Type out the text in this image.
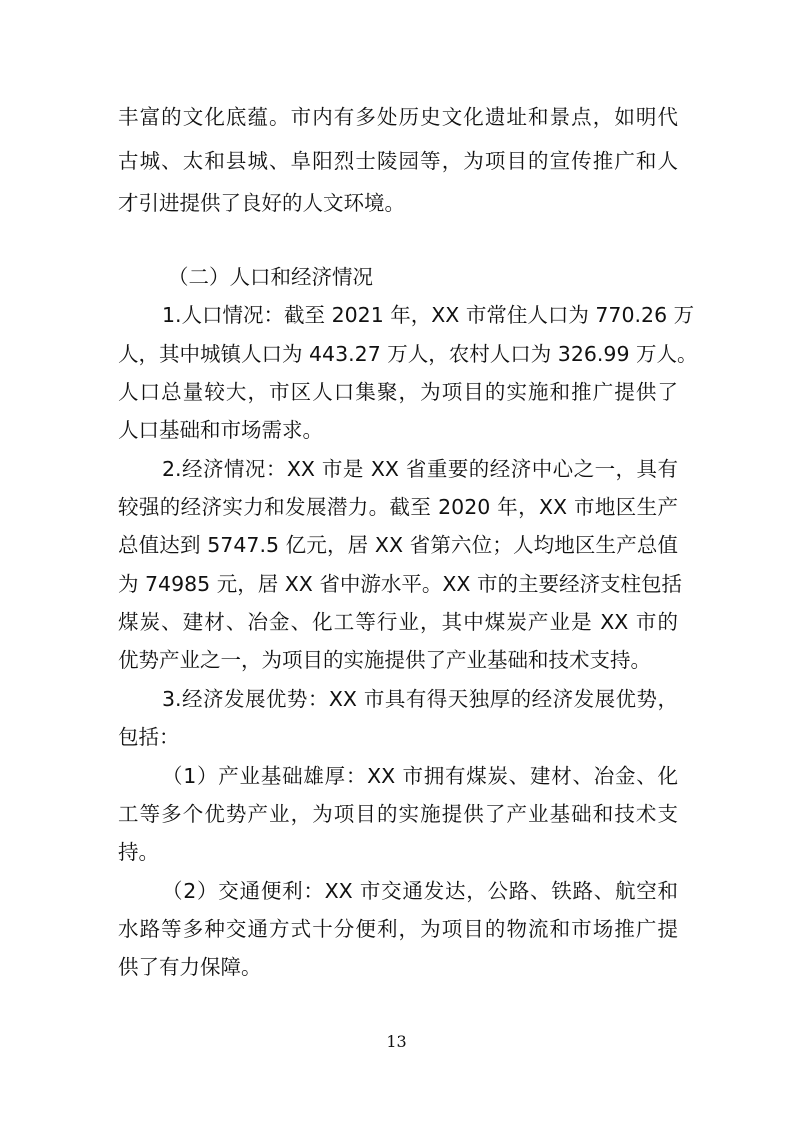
丰富的文化底蕴。市内有多处历史文化遗址和景点，如明代
古城、太和县城、阜阳烈士陵园等，为项目的宣传推广和人
才引进提供了良好的人文环境。
（二）人口和经济情况
1.人口情况：截至 2021 年，XX 市常住人口为 770.26 万
人，其中城镇人口为 443.27 万人，农村人口为 326.99 万人。
人口总量较大，市区人口集聚，为项目的实施和推广提供了
人口基础和市场需求。
2.经济情况：XX 市是 XX 省重要的经济中心之一，具有
较强的经济实力和发展潜力。截至 2020 年，XX 市地区生产
总值达到 5747.5 亿元，居 XX 省第六位；人均地区生产总值
为 74985 元，居 XX 省中游水平。XX 市的主要经济支柱包括
煤炭、建材、冶金、化工等行业，其中煤炭产业是 XX 市的
优势产业之一，为项目的实施提供了产业基础和技术支持。
3.经济发展优势：XX 市具有得天独厚的经济发展优势，
包括：
（1）产业基础雄厚：XX 市拥有煤炭、建材、冶金、化
工等多个优势产业，为项目的实施提供了产业基础和技术支
持。
（2）交通便利：XX 市交通发达，公路、铁路、航空和
水路等多种交通方式十分便利，为项目的物流和市场推广提
供了有力保障。
13
